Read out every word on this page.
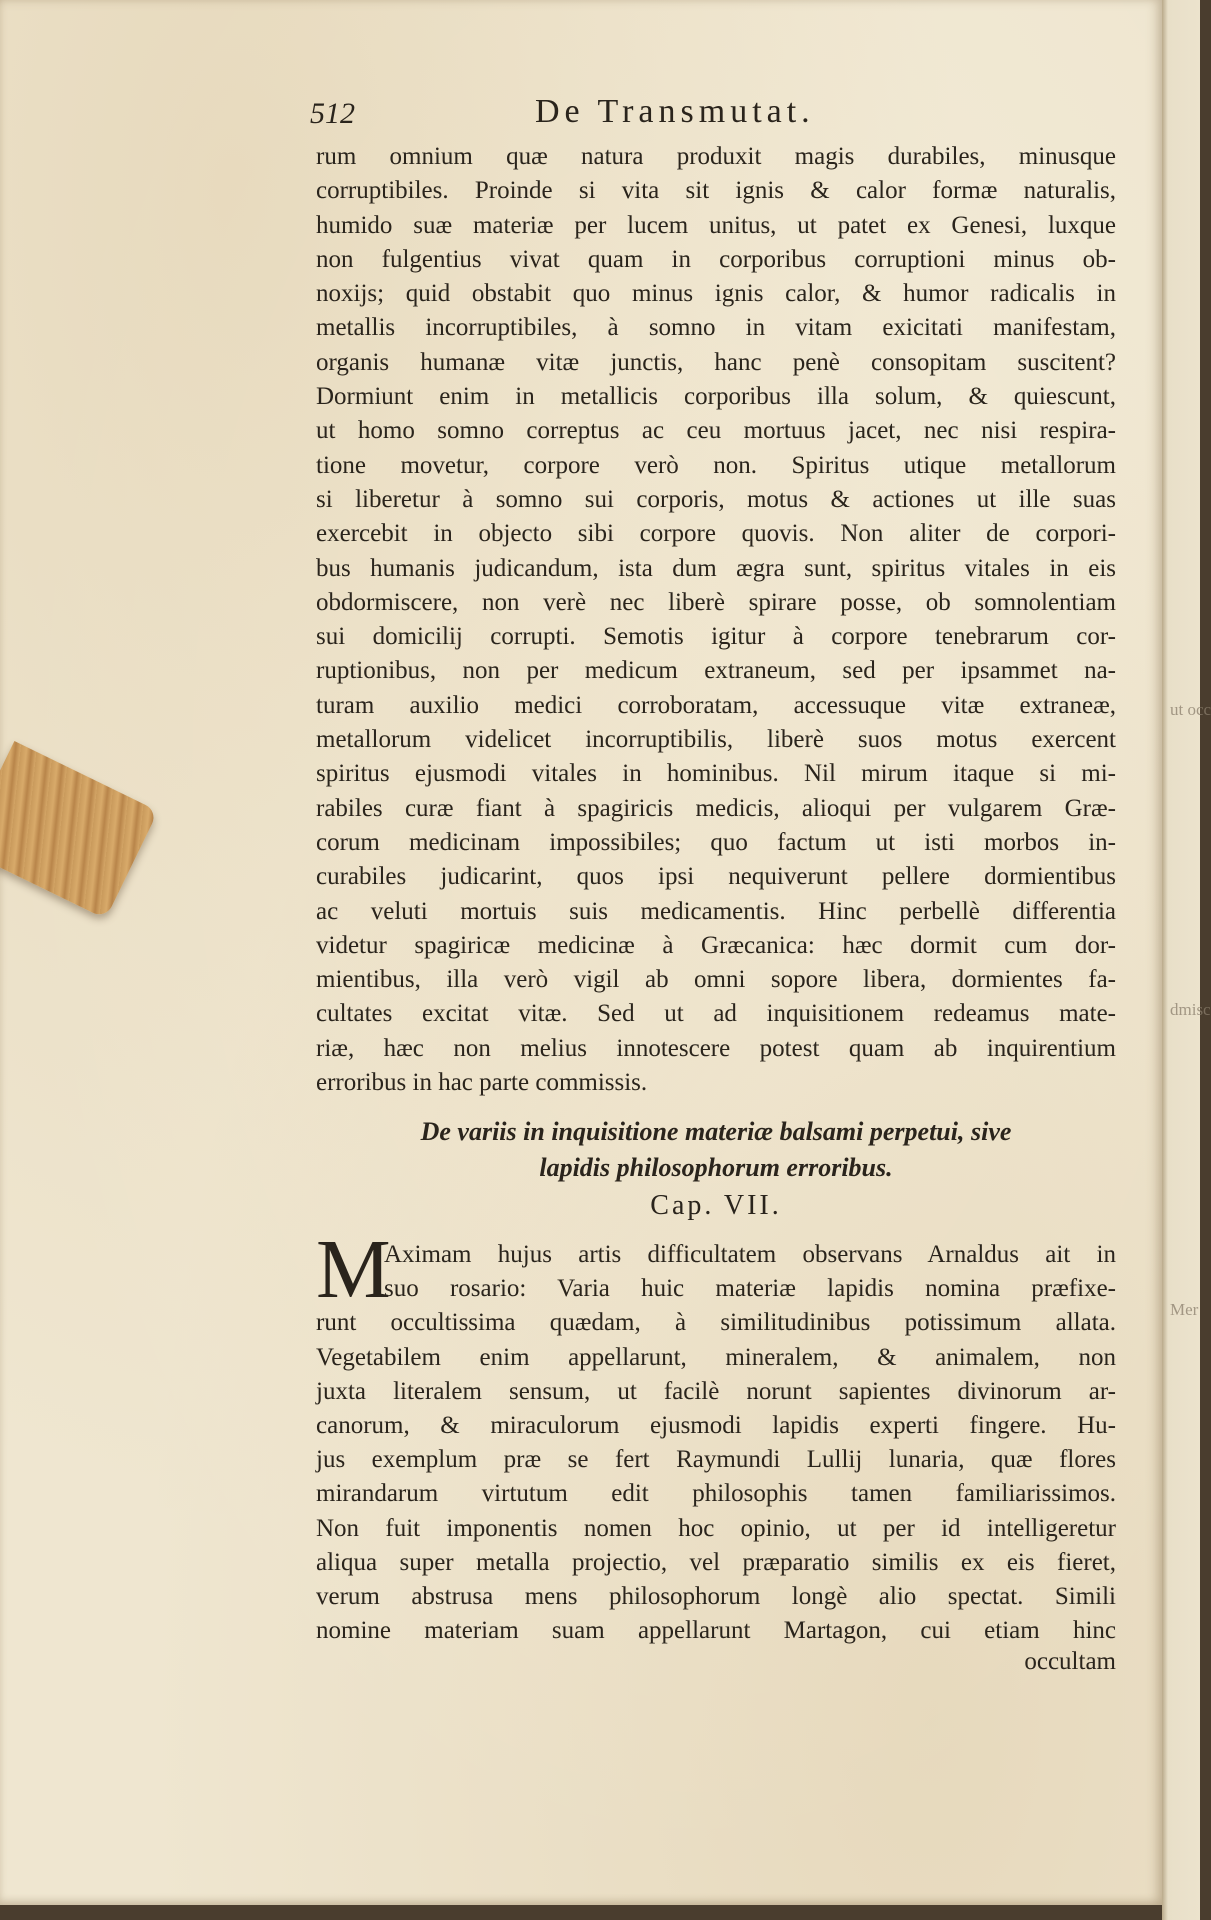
512	De Transmutat.
rum omnium quæ natura produxit magis durabiles, minusque
corruptibiles. Proinde si vita sit ignis & calor formæ naturalis,
humido suæ materiæ per lucem unitus, ut patet ex Genesi, luxque
non fulgentius vivat quam in corporibus corruptioni minus ob-
noxijs; quid obstabit quo minus ignis calor, & humor radicalis in
metallis incorruptibiles, à somno in vitam exicitati manifestam,
organis humanæ vitæ junctis, hanc penè consopitam suscitent?
Dormiunt enim in metallicis corporibus illa solum, & quiescunt,
ut homo somno correptus ac ceu mortuus jacet, nec nisi respira-
tione movetur, corpore verò non. Spiritus utique metallorum
si liberetur à somno sui corporis, motus & actiones ut ille suas
exercebit in objecto sibi corpore quovis. Non aliter de corpori-
bus humanis judicandum, ista dum ægra sunt, spiritus vitales in eis
obdormiscere, non verè nec liberè spirare posse, ob somnolentiam
sui domicilij corrupti. Semotis igitur à corpore tenebrarum cor-
ruptionibus, non per medicum extraneum, sed per ipsammet na-
turam auxilio medici corroboratam, accessuque vitæ extraneæ,
metallorum videlicet incorruptibilis, liberè suos motus exercent
spiritus ejusmodi vitales in hominibus. Nil mirum itaque si mi-
rabiles curæ fiant à spagiricis medicis, alioqui per vulgarem Græ-
corum medicinam impossibiles; quo factum ut isti morbos in-
curabiles judicarint, quos ipsi nequiverunt pellere dormientibus
ac veluti mortuis suis medicamentis. Hinc perbellè differentia
videtur spagiricæ medicinæ à Græcanica: hæc dormit cum dor-
mientibus, illa verò vigil ab omni sopore libera, dormientes fa-
cultates excitat vitæ. Sed ut ad inquisitionem redeamus mate-
riæ, hæc non melius innotescere potest quam ab inquirentium
erroribus in hac parte commissis.
De variis in inquisitione materiæ balsami perpetui, sive
lapidis philosophorum erroribus.
Cap. VII.
M
Aximam hujus artis difficultatem observans Arnaldus ait in
suo rosario: Varia huic materiæ lapidis nomina præfixe-
runt occultissima quædam, à similitudinibus potissimum allata.
Vegetabilem enim appellarunt, mineralem, & animalem, non
juxta literalem sensum, ut facilè norunt sapientes divinorum ar-
canorum, & miraculorum ejusmodi lapidis experti fingere. Hu-
jus exemplum præ se fert Raymundi Lullij lunaria, quæ flores
mirandarum virtutum edit philosophis tamen familiarissimos.
Non fuit imponentis nomen hoc opinio, ut per id intelligeretur
aliqua super metalla projectio, vel præparatio similis ex eis fieret,
verum abstrusa mens philosophorum longè alio spectat. Simili
nomine materiam suam appellarunt Martagon, cui etiam hinc
occultam
ut occ
dmisc
Mer
